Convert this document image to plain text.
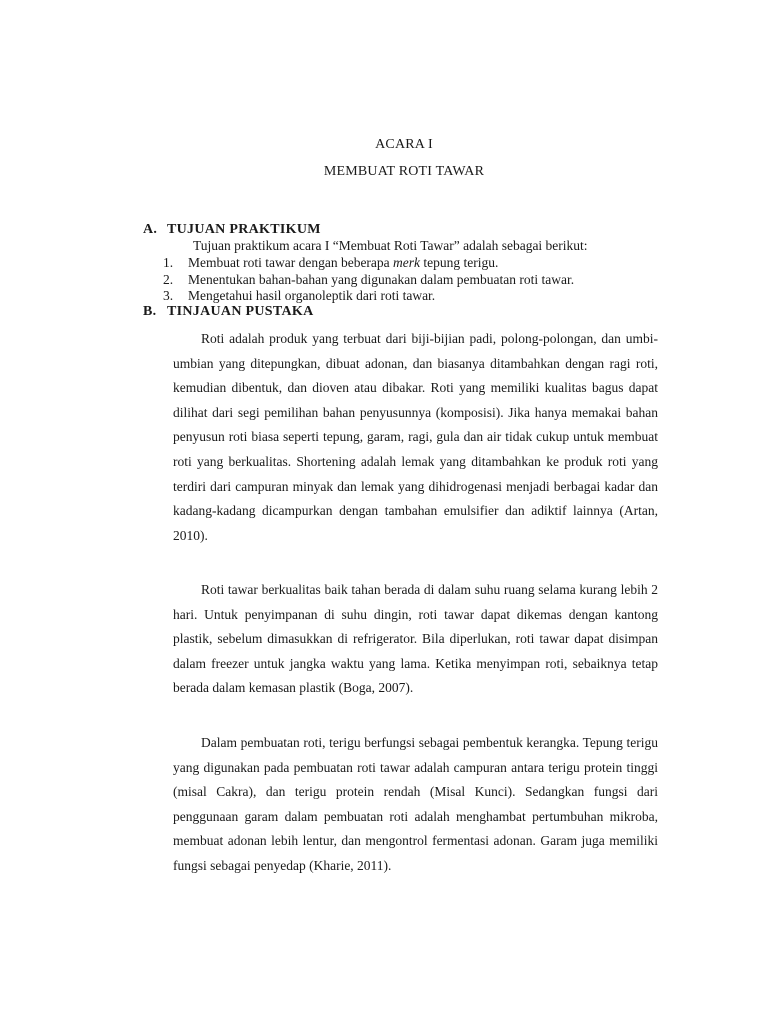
ACARA I
MEMBUAT ROTI TAWAR
A. TUJUAN PRAKTIKUM
Tujuan praktikum acara I “Membuat Roti Tawar” adalah sebagai berikut:
1. Membuat roti tawar dengan beberapa merk tepung terigu.
2. Menentukan bahan-bahan yang digunakan dalam pembuatan roti tawar.
3. Mengetahui hasil organoleptik dari roti tawar.
B. TINJAUAN PUSTAKA

Roti adalah produk yang terbuat dari biji-bijian padi, polong-polongan, dan umbi-umbian yang ditepungkan, dibuat adonan, dan biasanya ditambahkan dengan ragi roti, kemudian dibentuk, dan dioven atau dibakar. Roti yang memiliki kualitas bagus dapat dilihat dari segi pemilihan bahan penyusunnya (komposisi). Jika hanya memakai bahan penyusun roti biasa seperti tepung, garam, ragi, gula dan air tidak cukup untuk membuat roti yang berkualitas. Shortening adalah lemak yang ditambahkan ke produk roti yang terdiri dari campuran minyak dan lemak yang dihidrogenasi menjadi berbagai kadar dan kadang-kadang dicampurkan dengan tambahan emulsifier dan adiktif lainnya (Artan, 2010).

Roti tawar berkualitas baik tahan berada di dalam suhu ruang selama kurang lebih 2 hari. Untuk penyimpanan di suhu dingin, roti tawar dapat dikemas dengan kantong plastik, sebelum dimasukkan di refrigerator. Bila diperlukan, roti tawar dapat disimpan dalam freezer untuk jangka waktu yang lama. Ketika menyimpan roti, sebaiknya tetap berada dalam kemasan plastik (Boga, 2007).

Dalam pembuatan roti, terigu berfungsi sebagai pembentuk kerangka. Tepung terigu yang digunakan pada pembuatan roti tawar adalah campuran antara terigu protein tinggi (misal Cakra), dan terigu protein rendah (Misal Kunci). Sedangkan fungsi dari penggunaan garam dalam pembuatan roti adalah menghambat pertumbuhan mikroba, membuat adonan lebih lentur, dan mengontrol fermentasi adonan. Garam juga memiliki fungsi sebagai penyedap (Kharie, 2011).
